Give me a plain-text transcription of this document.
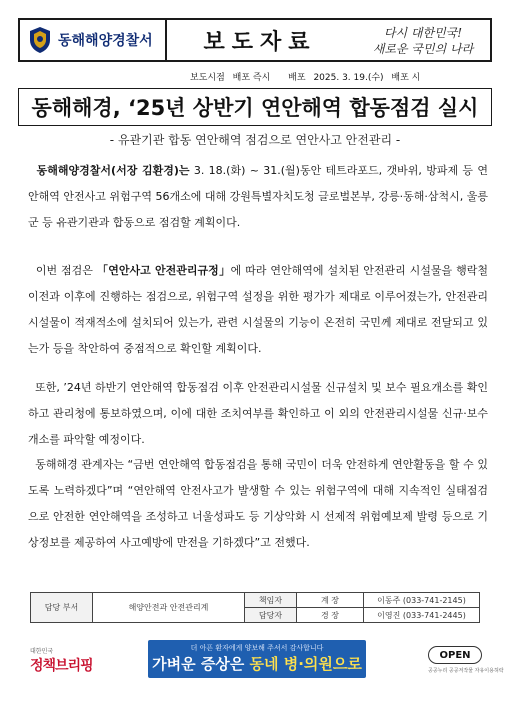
동해해양경찰서	보도자료	다시 대한민국!
새로운 국민의 나라
보도시점 배포 즉시 배포 2025. 3. 19.(수) 배포 시
동해해경, ‘25년 상반기 연안해역 합동점검 실시
- 유관기관 합동 연안해역 점검으로 연안사고 안전관리 -
동해해양경찰서(서장 김환경)는 3. 18.(화) ~ 31.(월)동안 테트라포드, 갯바위, 방파제 등 연안해역 안전사고 위험구역 56개소에 대해 강원특별자치도청 글로벌본부, 강릉·동해·삼척시, 울릉군 등 유관기관과 합동으로 점검할 계획이다.
이번 점검은 「연안사고 안전관리규정」에 따라 연안해역에 설치된 안전관리 시설물을 행락철 이전과 이후에 진행하는 점검으로, 위험구역 설정을 위한 평가가 제대로 이루어졌는가, 안전관리시설물이 적재적소에 설치되어 있는가, 관련 시설물의 기능이 온전히 국민께 제대로 전달되고 있는가 등을 착안하여 중점적으로 확인할 계획이다.
또한, ’24년 하반기 연안해역 합동점검 이후 안전관리시설물 신규설치 및 보수 필요개소를 확인하고 관리청에 통보하였으며, 이에 대한 조치여부를 확인하고 이 외의 안전관리시설물 신규·보수개소를 파악할 예정이다.
동해해경 관계자는 “금번 연안해역 합동점검을 통해 국민이 더욱 안전하게 연안활동을 할 수 있도록 노력하겠다”며 “연안해역 안전사고가 발생할 수 있는 위험구역에 대해 지속적인 실태점검으로 안전한 연안해역을 조성하고 너울성파도 등 기상악화 시 선제적 위험예보제 발령 등으로 기상정보를 제공하여 사고예방에 만전을 기하겠다”고 전했다.
담당 부서	해양안전과 안전관리계	책임자	계 장	이동주 (033-741-2145)
		담당자	경 장	이영진 (033-741-2445)
대한민국
정책브리핑
더 아픈 환자에게 양보해 주셔서 감사합니다
가벼운 증상은 동네 병·의원으로	OPEN
공공누리 공공저작물 자유이용허락
